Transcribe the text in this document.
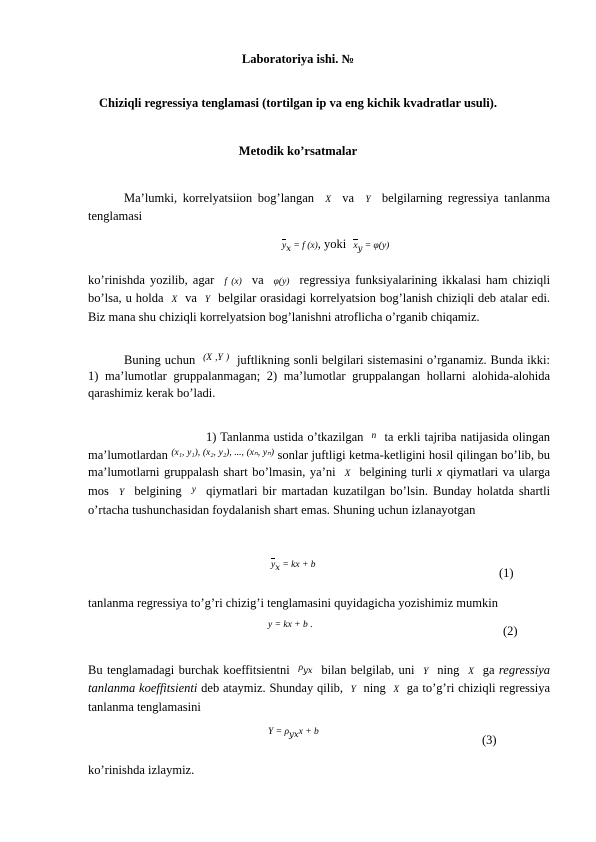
Laboratoriya ishi. №
Chiziqli regressiya tenglamasi (tortilgan ip va eng kichik kvadratlar usuli).
Metodik ko’rsatmalar
Ma’lumki, korrelyatsiion bog’langan X va Y belgilarning regressiya tanlanma tenglamasi
$y_x = f$ (x), yoki $x_y = \varphi(y)$
ko’rinishda yozilib, agar f (x) va φ(y) regressiya funksiyalarining ikkalasi ham chiziqli bo’lsa, u holda X va Y belgilar orasidagi korrelyatsion bog’lanish chiziqli deb atalar edi. Biz mana shu chiziqli korrelyatsion bog’lanishni atroflicha o’rganib chiqamiz.
Buning uchun $^{(X ,Y )}$ juftlikning sonli belgilari sistemasini o’rganamiz. Bunda ikki: 1) ma’lumotlar gruppalanmagan; 2) ma’lumotlar gruppalangan hollarni alohida-alohida qarashimiz kerak bo’ladi.
1) Tanlanma ustida o’tkazilgan $^n$ ta erkli tajriba natijasida olingan ma’lumotlardan $^{(x_1, y_1), (x_2, y_2), ..., (x_n, y_n)}$ sonlar juftligi ketma-ketligini hosil qilingan bo’lib, bu ma’lumotlarni gruppalash shart bo’lmasin, ya’ni X belgining turli x qiymatlari va ularga mos Y belgining $^y$ qiymatlari bir martadan kuzatilgan bo’lsin. Bunday holatda shartli o’rtacha tushunchasidan foydalanish shart emas. Shuning uchun izlanayotgan
$y_x$ = kx + b
(1)
tanlanma regressiya to’g’ri chizig’i tenglamasini quyidagicha yozishimiz mumkin
y = kx + b .	(2)
Bu tenglamadagi burchak koeffitsientni $^{\rho_{yx}}$ bilan belgilab, uni Y ning X ga regressiya tanlanma koeffitsienti deb ataymiz. Shunday qilib, Y ning X ga to’g’ri chiziqli regressiya tanlanma tenglamasini
$Y = \rho_{yx}x + b$
(3)
ko’rinishda izlaymiz.
